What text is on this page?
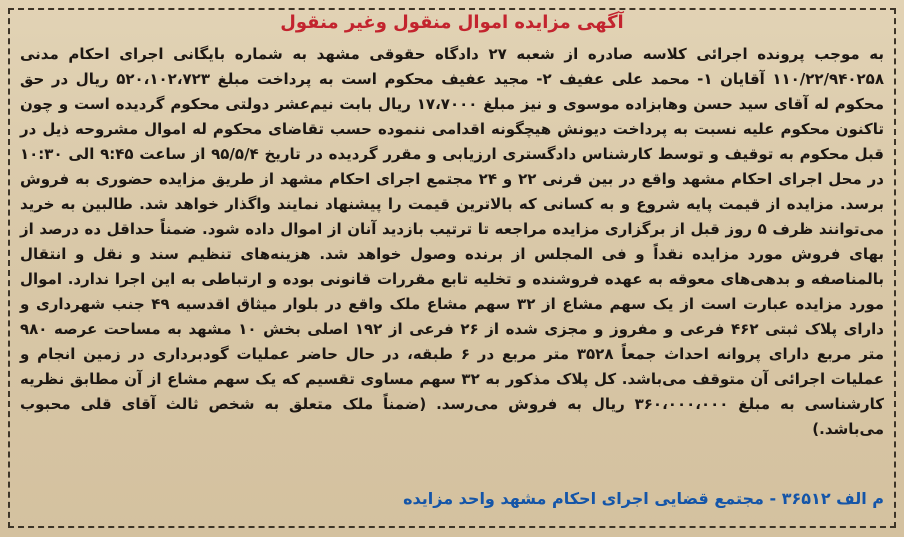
آگهی مزایده اموال منقول وغیر منقول

به موجب پرونده اجرائی کلاسه صادره از شعبه ۲۷ دادگاه حقوقی مشهد به شماره بایگانی اجرای احکام مدنی ۱۱۰/۲۲/۹۴۰۲۵۸ آقایان ۱- محمد علی عفیف ۲- مجید عفیف محکوم است به پرداخت مبلغ ۵۲۰،۱۰۲،۷۲۳ ریال در حق محکوم له آقای سید حسن وهابزاده موسوی و نیز مبلغ ۱۷،۷۰۰۰ ریال بابت نیم‌عشر دولتی محکوم گردیده است و چون تاکنون محکوم علیه نسبت به پرداخت دیونش هیچگونه اقدامی ننموده حسب تقاضای محکوم له اموال مشروحه ذیل در قبل محکوم به توقیف و توسط کارشناس دادگستری ارزیابی و مقرر گردیده در تاریخ ۹۵/۵/۴ از ساعت ۹:۴۵ الی ۱۰:۳۰ در محل اجرای احکام مشهد واقع در بین قرنی ۲۲ و ۲۴ مجتمع اجرای احکام مشهد از طریق مزایده حضوری به فروش برسد. مزایده از قیمت پایه شروع و به کسانی که بالاترین قیمت را پیشنهاد نمایند واگذار خواهد شد. طالبین به خرید می‌توانند ظرف ۵ روز قبل از برگزاری مزایده مراجعه تا ترتیب بازدید آنان از اموال داده شود. ضمناً حداقل ده درصد از بهای فروش مورد مزایده نقداً و فی المجلس از برنده وصول خواهد شد. هزینه‌های تنظیم سند و نقل و انتقال بالمناصفه و بدهی‌های معوقه به عهده فروشنده و تخلیه تابع مقررات قانونی بوده و ارتباطی به این اجرا ندارد. اموال مورد مزایده عبارت است از یک سهم مشاع از ۳۲ سهم مشاع ملک واقع در بلوار میثاق اقدسیه ۴۹ جنب شهرداری و دارای پلاک ثبتی ۴۶۲ فرعی و مفروز و مجزی شده از ۲۶ فرعی از ۱۹۲ اصلی بخش ۱۰ مشهد به مساحت عرصه ۹۸۰ متر مربع دارای پروانه احداث جمعاً ۳۵۲۸ متر مربع در ۶ طبقه، در حال حاضر عملیات گودبرداری در زمین انجام و عملیات اجرائی آن متوقف می‌باشد. کل پلاک مذکور به ۳۲ سهم مساوی تقسیم که یک سهم مشاع از آن مطابق نظریه کارشناسی به مبلغ ۳۶۰،۰۰۰،۰۰۰ ریال به فروش می‌رسد. (ضمناً ملک متعلق به شخص ثالث آقای قلی محبوب می‌باشد.)

م الف ۳۶۵۱۲ - مجتمع قضایی اجرای احکام مشهد واحد مزایده
